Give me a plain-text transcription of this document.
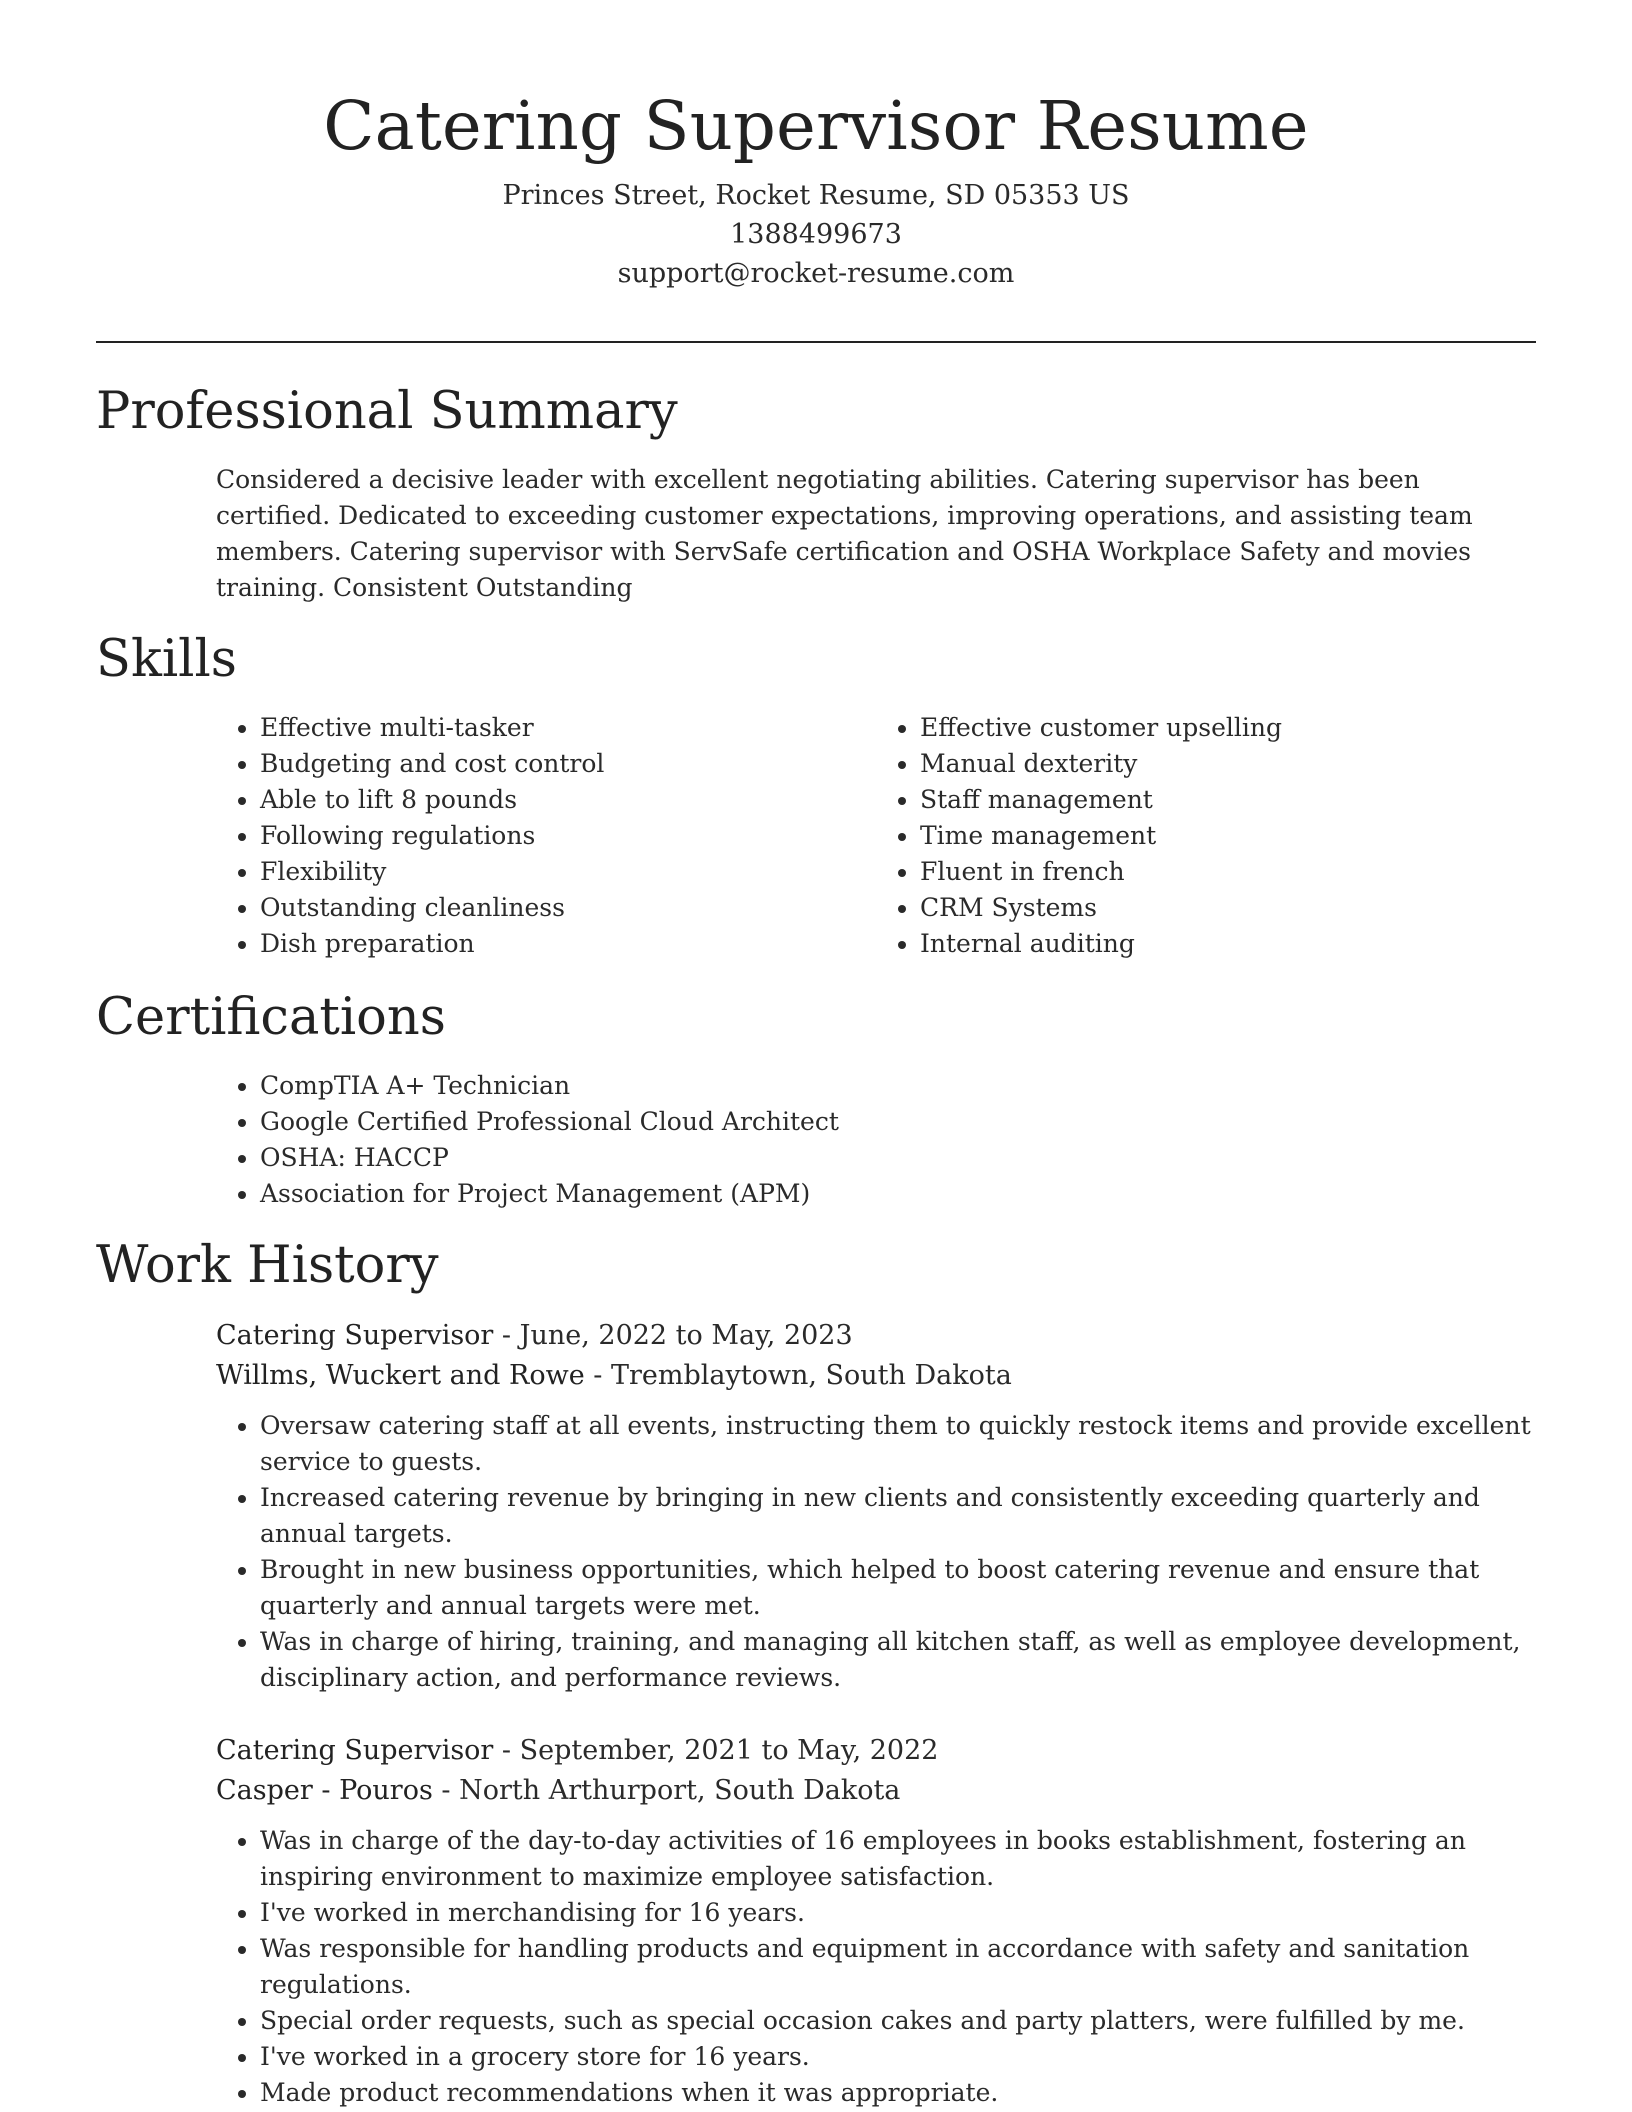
Catering Supervisor Resume
Princes Street, Rocket Resume, SD 05353 US
1388499673
support@rocket-resume.com
Professional Summary
Considered a decisive leader with excellent negotiating abilities. Catering supervisor has been certified. Dedicated to exceeding customer expectations, improving operations, and assisting team members. Catering supervisor with ServSafe certification and OSHA Workplace Safety and movies training. Consistent Outstanding
Skills
• Effective multi-tasker
• Budgeting and cost control
• Able to lift 8 pounds
• Following regulations
• Flexibility
• Outstanding cleanliness
• Dish preparation
• Effective customer upselling
• Manual dexterity
• Staff management
• Time management
• Fluent in french
• CRM Systems
• Internal auditing
Certifications
• CompTIA A+ Technician
• Google Certified Professional Cloud Architect
• OSHA: HACCP
• Association for Project Management (APM)
Work History
Catering Supervisor - June, 2022 to May, 2023
Willms, Wuckert and Rowe - Tremblaytown, South Dakota
• Oversaw catering staff at all events, instructing them to quickly restock items and provide excellent service to guests.
• Increased catering revenue by bringing in new clients and consistently exceeding quarterly and annual targets.
• Brought in new business opportunities, which helped to boost catering revenue and ensure that quarterly and annual targets were met.
• Was in charge of hiring, training, and managing all kitchen staff, as well as employee development, disciplinary action, and performance reviews.
Catering Supervisor - September, 2021 to May, 2022
Casper - Pouros - North Arthurport, South Dakota
• Was in charge of the day-to-day activities of 16 employees in books establishment, fostering an inspiring environment to maximize employee satisfaction.
• I've worked in merchandising for 16 years.
• Was responsible for handling products and equipment in accordance with safety and sanitation regulations.
• Special order requests, such as special occasion cakes and party platters, were fulfilled by me.
• I've worked in a grocery store for 16 years.
• Made product recommendations when it was appropriate.
